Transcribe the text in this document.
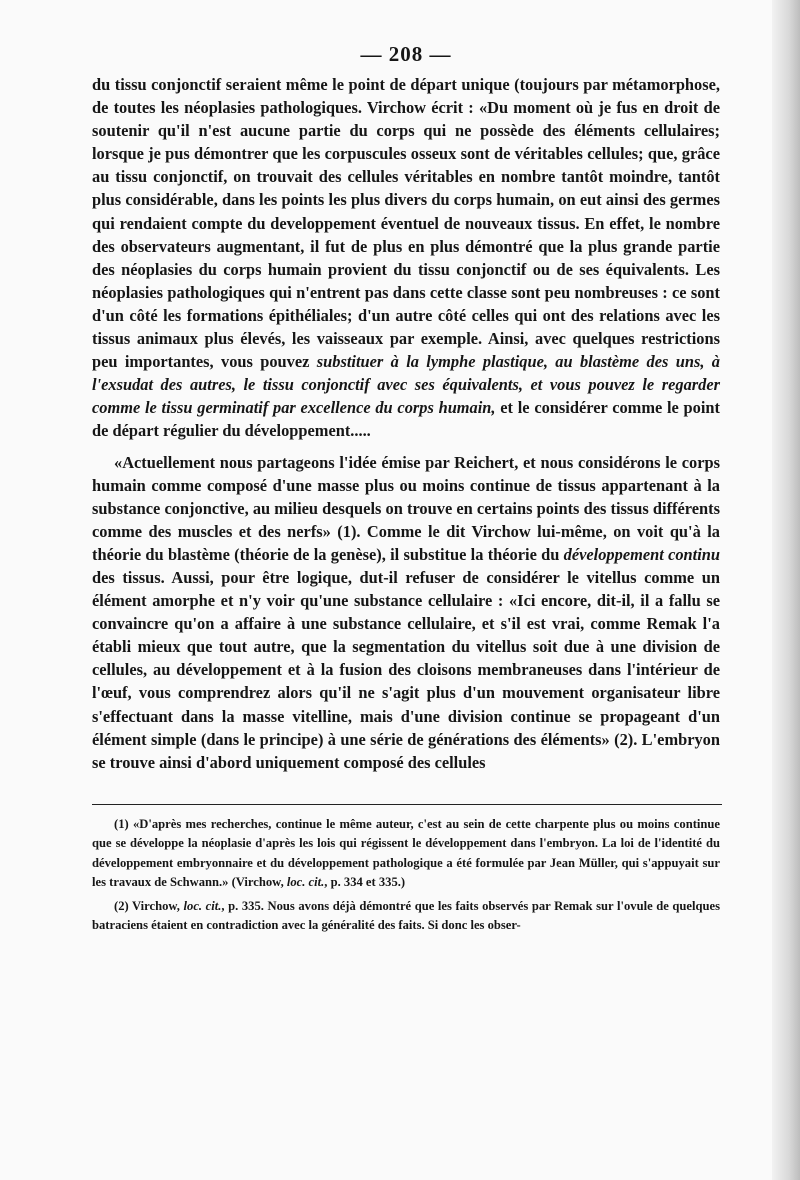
— 208 —

du tissu conjonctif seraient même le point de départ unique (toujours par métamorphose, de toutes les néoplasies pathologiques. Virchow écrit : «Du moment où je fus en droit de soutenir qu'il n'est aucune partie du corps qui ne possède des éléments cellulaires; lorsque je pus démontrer que les corpuscules osseux sont de véritables cellules; que, grâce au tissu conjonctif, on trouvait des cellules véritables en nombre tantôt moindre, tantôt plus considérable, dans les points les plus divers du corps humain, on eut ainsi des germes qui rendaient compte du developpement éventuel de nouveaux tissus. En effet, le nombre des observateurs augmentant, il fut de plus en plus démontré que la plus grande partie des néoplasies du corps humain provient du tissu conjonctif ou de ses équivalents. Les néoplasies pathologiques qui n'entrent pas dans cette classe sont peu nombreuses : ce sont d'un côté les formations épithéliales; d'un autre côté celles qui ont des relations avec les tissus animaux plus élevés, les vaisseaux par exemple. Ainsi, avec quelques restrictions peu importantes, vous pouvez substituer à la lymphe plastique, au blastème des uns, à l'exsudat des autres, le tissu conjonctif avec ses équivalents, et vous pouvez le regarder comme le tissu germinatif par excellence du corps humain, et le considérer comme le point de départ régulier du développement.....

«Actuellement nous partageons l'idée émise par Reichert, et nous considérons le corps humain comme composé d'une masse plus ou moins continue de tissus appartenant à la substance conjonctive, au milieu desquels on trouve en certains points des tissus différents comme des muscles et des nerfs» (1). Comme le dit Virchow lui-même, on voit qu'à la théorie du blastème (théorie de la genèse), il substitue la théorie du développement continu des tissus. Aussi, pour être logique, dut-il refuser de considérer le vitellus comme un élément amorphe et n'y voir qu'une substance cellulaire : «Ici encore, dit-il, il a fallu se convaincre qu'on a affaire à une substance cellulaire, et s'il est vrai, comme Remak l'a établi mieux que tout autre, que la segmentation du vitellus soit due à une division de cellules, au développement et à la fusion des cloisons membraneuses dans l'intérieur de l'œuf, vous comprendrez alors qu'il ne s'agit plus d'un mouvement organisateur libre s'effectuant dans la masse vitelline, mais d'une division continue se propageant d'un élément simple (dans le principe) à une série de générations des éléments» (2). L'embryon se trouve ainsi d'abord uniquement composé des cellules

(1) «D'après mes recherches, continue le même auteur, c'est au sein de cette charpente plus ou moins continue que se développe la néoplasie d'après les lois qui régissent le développement dans l'embryon. La loi de l'identité du développement embryonnaire et du développement pathologique a été formulée par Jean Müller, qui s'appuyait sur les travaux de Schwann.» (Virchow, loc. cit., p. 334 et 335.)

(2) Virchow, loc. cit., p. 335. Nous avons déjà démontré que les faits observés par Remak sur l'ovule de quelques batraciens étaient en contradiction avec la généralité des faits. Si donc les obser-
